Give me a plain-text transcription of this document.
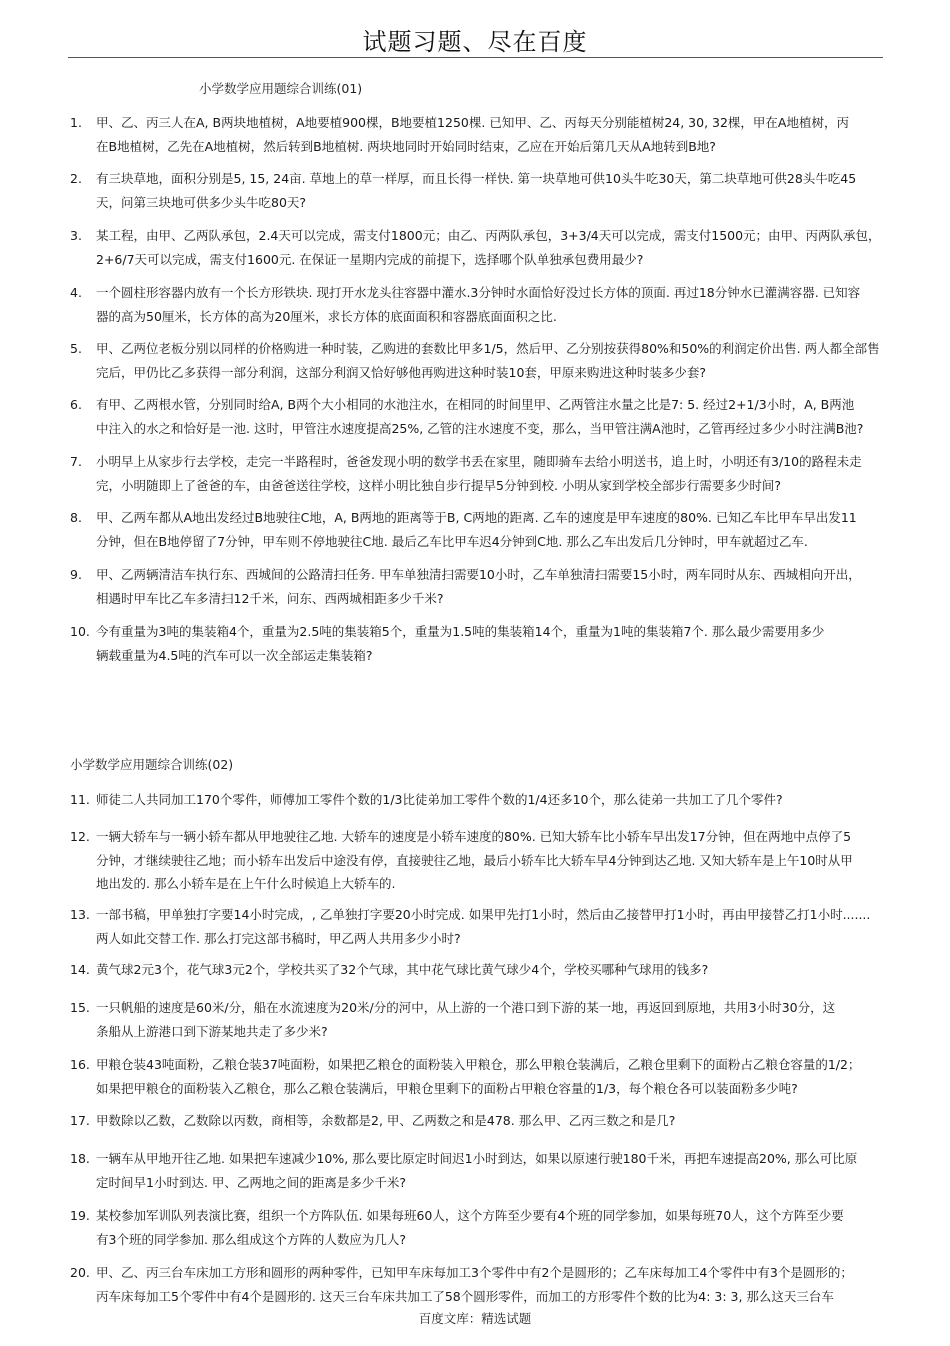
试题习题、尽在百度
小学数学应用题综合训练(01)
小学数学应用题综合训练(02)
1. 甲、乙、丙三人在A, B两块地植树，A地要植900棵，B地要植1250棵. 已知甲、乙、丙每天分别能植树24, 30, 32棵，甲在A地植树，丙
在B地植树，乙先在A地植树，然后转到B地植树. 两块地同时开始同时结束，乙应在开始后第几天从A地转到B地?
2. 有三块草地，面积分别是5, 15, 24亩. 草地上的草一样厚，而且长得一样快. 第一块草地可供10头牛吃30天，第二块草地可供28头牛吃45
天，问第三块地可供多少头牛吃80天?
3. 某工程，由甲、乙两队承包，2.4天可以完成，需支付1800元；由乙、丙两队承包，3+3/4天可以完成，需支付1500元；由甲、丙两队承包，
2+6/7天可以完成，需支付1600元. 在保证一星期内完成的前提下，选择哪个队单独承包费用最少?
4. 一个圆柱形容器内放有一个长方形铁块. 现打开水龙头往容器中灌水.3分钟时水面恰好没过长方体的顶面. 再过18分钟水已灌满容器. 已知容
器的高为50厘米，长方体的高为20厘米，求长方体的底面面积和容器底面面积之比.
5. 甲、乙两位老板分别以同样的价格购进一种时装，乙购进的套数比甲多1/5，然后甲、乙分别按获得80%和50%的利润定价出售. 两人都全部售
完后，甲仍比乙多获得一部分利润，这部分利润又恰好够他再购进这种时装10套，甲原来购进这种时装多少套?
6. 有甲、乙两根水管，分别同时给A, B两个大小相同的水池注水，在相同的时间里甲、乙两管注水量之比是7: 5. 经过2+1/3小时，A, B两池
中注入的水之和恰好是一池. 这时，甲管注水速度提高25%, 乙管的注水速度不变，那么，当甲管注满A池时，乙管再经过多少小时注满B池?
7. 小明早上从家步行去学校，走完一半路程时，爸爸发现小明的数学书丢在家里，随即骑车去给小明送书，追上时，小明还有3/10的路程未走
完，小明随即上了爸爸的车，由爸爸送往学校，这样小明比独自步行提早5分钟到校. 小明从家到学校全部步行需要多少时间?
8. 甲、乙两车都从A地出发经过B地驶往C地，A, B两地的距离等于B, C两地的距离. 乙车的速度是甲车速度的80%. 已知乙车比甲车早出发11
分钟，但在B地停留了7分钟，甲车则不停地驶往C地. 最后乙车比甲车迟4分钟到C地. 那么乙车出发后几分钟时，甲车就超过乙车.
9. 甲、乙两辆清洁车执行东、西城间的公路清扫任务. 甲车单独清扫需要10小时，乙车单独清扫需要15小时，两车同时从东、西城相向开出，
相遇时甲车比乙车多清扫12千米，问东、西两城相距多少千米?
10. 今有重量为3吨的集装箱4个，重量为2.5吨的集装箱5个，重量为1.5吨的集装箱14个，重量为1吨的集装箱7个. 那么最少需要用多少
辆载重量为4.5吨的汽车可以一次全部运走集装箱?
11. 师徒二人共同加工170个零件，师傅加工零件个数的1/3比徒弟加工零件个数的1/4还多10个，那么徒弟一共加工了几个零件?
12. 一辆大轿车与一辆小轿车都从甲地驶往乙地. 大轿车的速度是小轿车速度的80%. 已知大轿车比小轿车早出发17分钟，但在两地中点停了5
分钟，才继续驶往乙地；而小轿车出发后中途没有停，直接驶往乙地，最后小轿车比大轿车早4分钟到达乙地. 又知大轿车是上午10时从甲
地出发的. 那么小轿车是在上午什么时候追上大轿车的.
13. 一部书稿，甲单独打字要14小时完成，, 乙单独打字要20小时完成. 如果甲先打1小时，然后由乙接替甲打1小时，再由甲接替乙打1小时.......
两人如此交替工作. 那么打完这部书稿时，甲乙两人共用多少小时?
14. 黄气球2元3个，花气球3元2个，学校共买了32个气球，其中花气球比黄气球少4个，学校买哪种气球用的钱多?
15. 一只帆船的速度是60米/分，船在水流速度为20米/分的河中，从上游的一个港口到下游的某一地，再返回到原地，共用3小时30分，这
条船从上游港口到下游某地共走了多少米?
16. 甲粮仓装43吨面粉，乙粮仓装37吨面粉，如果把乙粮仓的面粉装入甲粮仓，那么甲粮仓装满后，乙粮仓里剩下的面粉占乙粮仓容量的1/2；
如果把甲粮仓的面粉装入乙粮仓，那么乙粮仓装满后，甲粮仓里剩下的面粉占甲粮仓容量的1/3，每个粮仓各可以装面粉多少吨?
17. 甲数除以乙数，乙数除以丙数，商相等，余数都是2, 甲、乙两数之和是478. 那么甲、乙丙三数之和是几?
18. 一辆车从甲地开往乙地. 如果把车速减少10%, 那么要比原定时间迟1小时到达，如果以原速行驶180千米，再把车速提高20%, 那么可比原
定时间早1小时到达. 甲、乙两地之间的距离是多少千米?
19. 某校参加军训队列表演比赛，组织一个方阵队伍. 如果每班60人，这个方阵至少要有4个班的同学参加，如果每班70人，这个方阵至少要
有3个班的同学参加. 那么组成这个方阵的人数应为几人?
20. 甲、乙、丙三台车床加工方形和圆形的两种零件，已知甲车床每加工3个零件中有2个是圆形的；乙车床每加工4个零件中有3个是圆形的；
丙车床每加工5个零件中有4个是圆形的. 这天三台车床共加工了58个圆形零件，而加工的方形零件个数的比为4: 3: 3, 那么这天三台车
百度文库：精选试题
